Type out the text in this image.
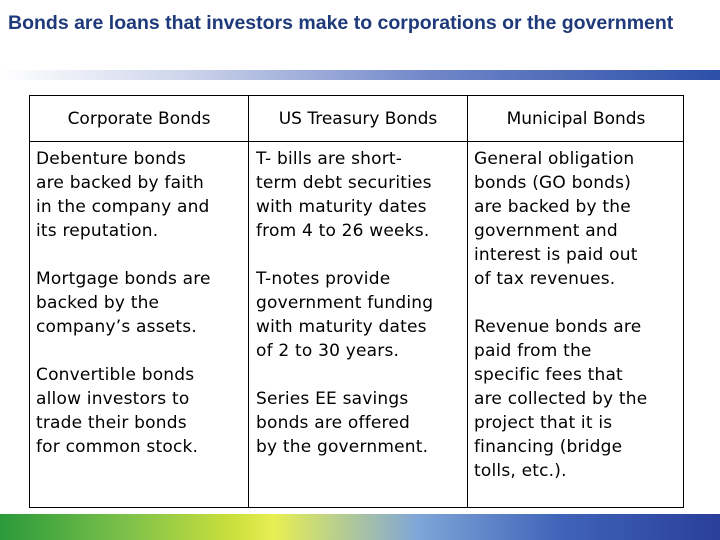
Bonds are loans that investors make to corporations or the government
Corporate Bonds	US Treasury Bonds	Municipal Bonds

Debenture bonds
are backed by faith
in the company and
its reputation.

Mortgage bonds are
backed by the
company’s assets.

Convertible bonds
allow investors to
trade their bonds
for common stock.

T- bills are short-
term debt securities
with maturity dates
from 4 to 26 weeks.

T-notes provide
government funding
with maturity dates
of 2 to 30 years.

Series EE savings
bonds are offered
by the government.

General obligation
bonds (GO bonds)
are backed by the
government and
interest is paid out
of tax revenues.

Revenue bonds are
paid from the
specific fees that
are collected by the
project that it is
financing (bridge
tolls, etc.).
